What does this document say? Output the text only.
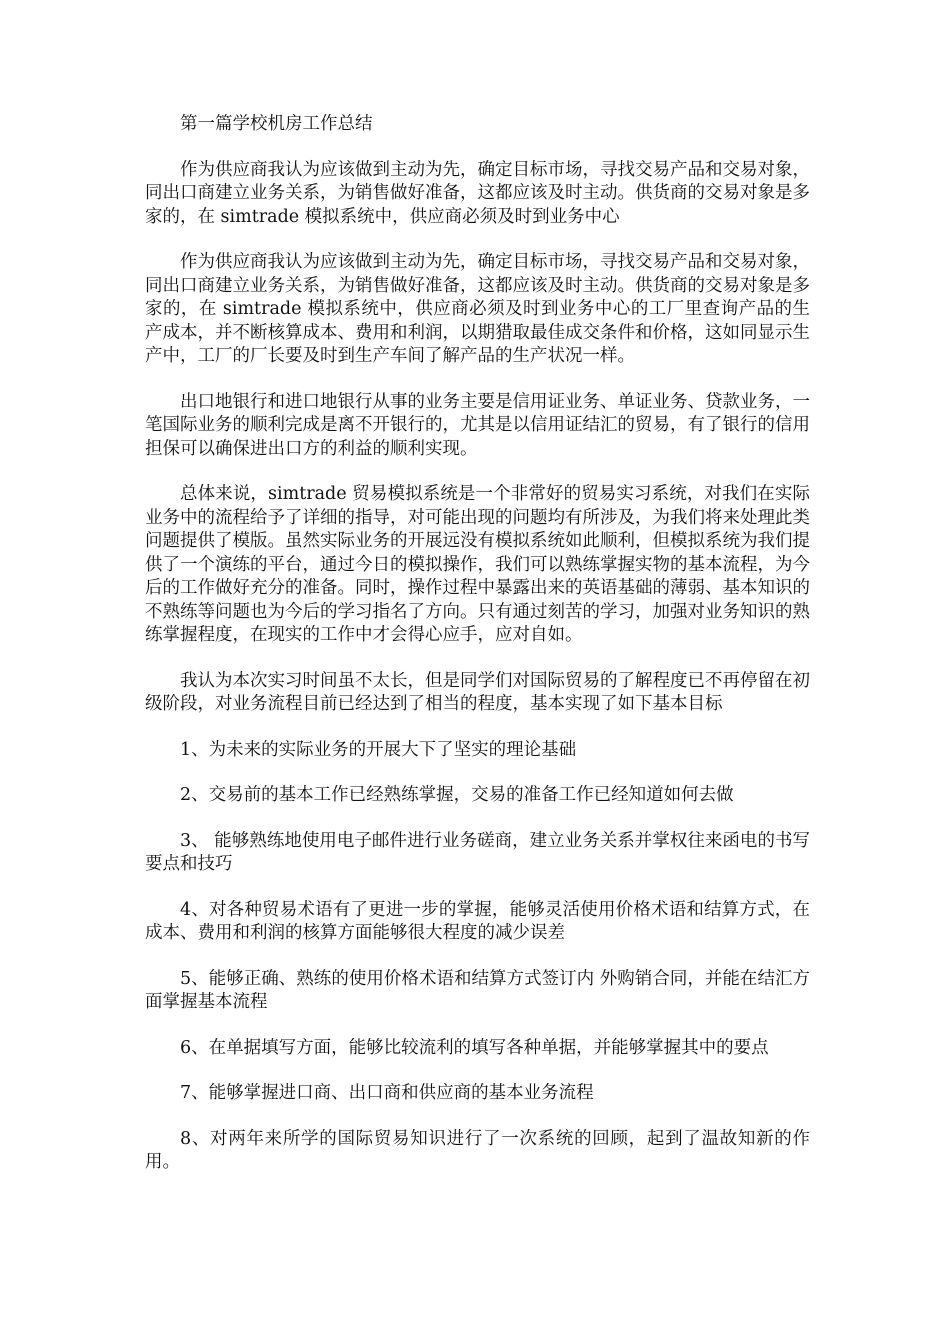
第一篇学校机房工作总结

作为供应商我认为应该做到主动为先，确定目标市场，寻找交易产品和交易对象，同出口商建立业务关系，为销售做好准备，这都应该及时主动。供货商的交易对象是多家的，在 simtrade 模拟系统中，供应商必须及时到业务中心

作为供应商我认为应该做到主动为先，确定目标市场，寻找交易产品和交易对象，同出口商建立业务关系，为销售做好准备，这都应该及时主动。供货商的交易对象是多家的，在 simtrade 模拟系统中，供应商必须及时到业务中心的工厂里查询产品的生产成本，并不断核算成本、费用和利润，以期猎取最佳成交条件和价格，这如同显示生产中，工厂的厂长要及时到生产车间了解产品的生产状况一样。

出口地银行和进口地银行从事的业务主要是信用证业务、单证业务、贷款业务，一笔国际业务的顺利完成是离不开银行的，尤其是以信用证结汇的贸易，有了银行的信用担保可以确保进出口方的利益的顺利实现。

总体来说，simtrade 贸易模拟系统是一个非常好的贸易实习系统，对我们在实际业务中的流程给予了详细的指导，对可能出现的问题均有所涉及，为我们将来处理此类问题提供了模版。虽然实际业务的开展远没有模拟系统如此顺利，但模拟系统为我们提供了一个演练的平台，通过今日的模拟操作，我们可以熟练掌握实物的基本流程，为今后的工作做好充分的准备。同时，操作过程中暴露出来的英语基础的薄弱、基本知识的不熟练等问题也为今后的学习指名了方向。只有通过刻苦的学习，加强对业务知识的熟练掌握程度，在现实的工作中才会得心应手，应对自如。

我认为本次实习时间虽不太长，但是同学们对国际贸易的了解程度已不再停留在初级阶段，对业务流程目前已经达到了相当的程度，基本实现了如下基本目标

1、为未来的实际业务的开展大下了坚实的理论基础

2、交易前的基本工作已经熟练掌握，交易的准备工作已经知道如何去做

3、 能够熟练地使用电子邮件进行业务磋商，建立业务关系并掌权往来函电的书写要点和技巧

4、对各种贸易术语有了更进一步的掌握，能够灵活使用价格术语和结算方式，在成本、费用和利润的核算方面能够很大程度的减少误差

5、能够正确、熟练的使用价格术语和结算方式签订内 外购销合同，并能在结汇方面掌握基本流程

6、在单据填写方面，能够比较流利的填写各种单据，并能够掌握其中的要点

7、能够掌握进口商、出口商和供应商的基本业务流程

8、对两年来所学的国际贸易知识进行了一次系统的回顾，起到了温故知新的作用。
